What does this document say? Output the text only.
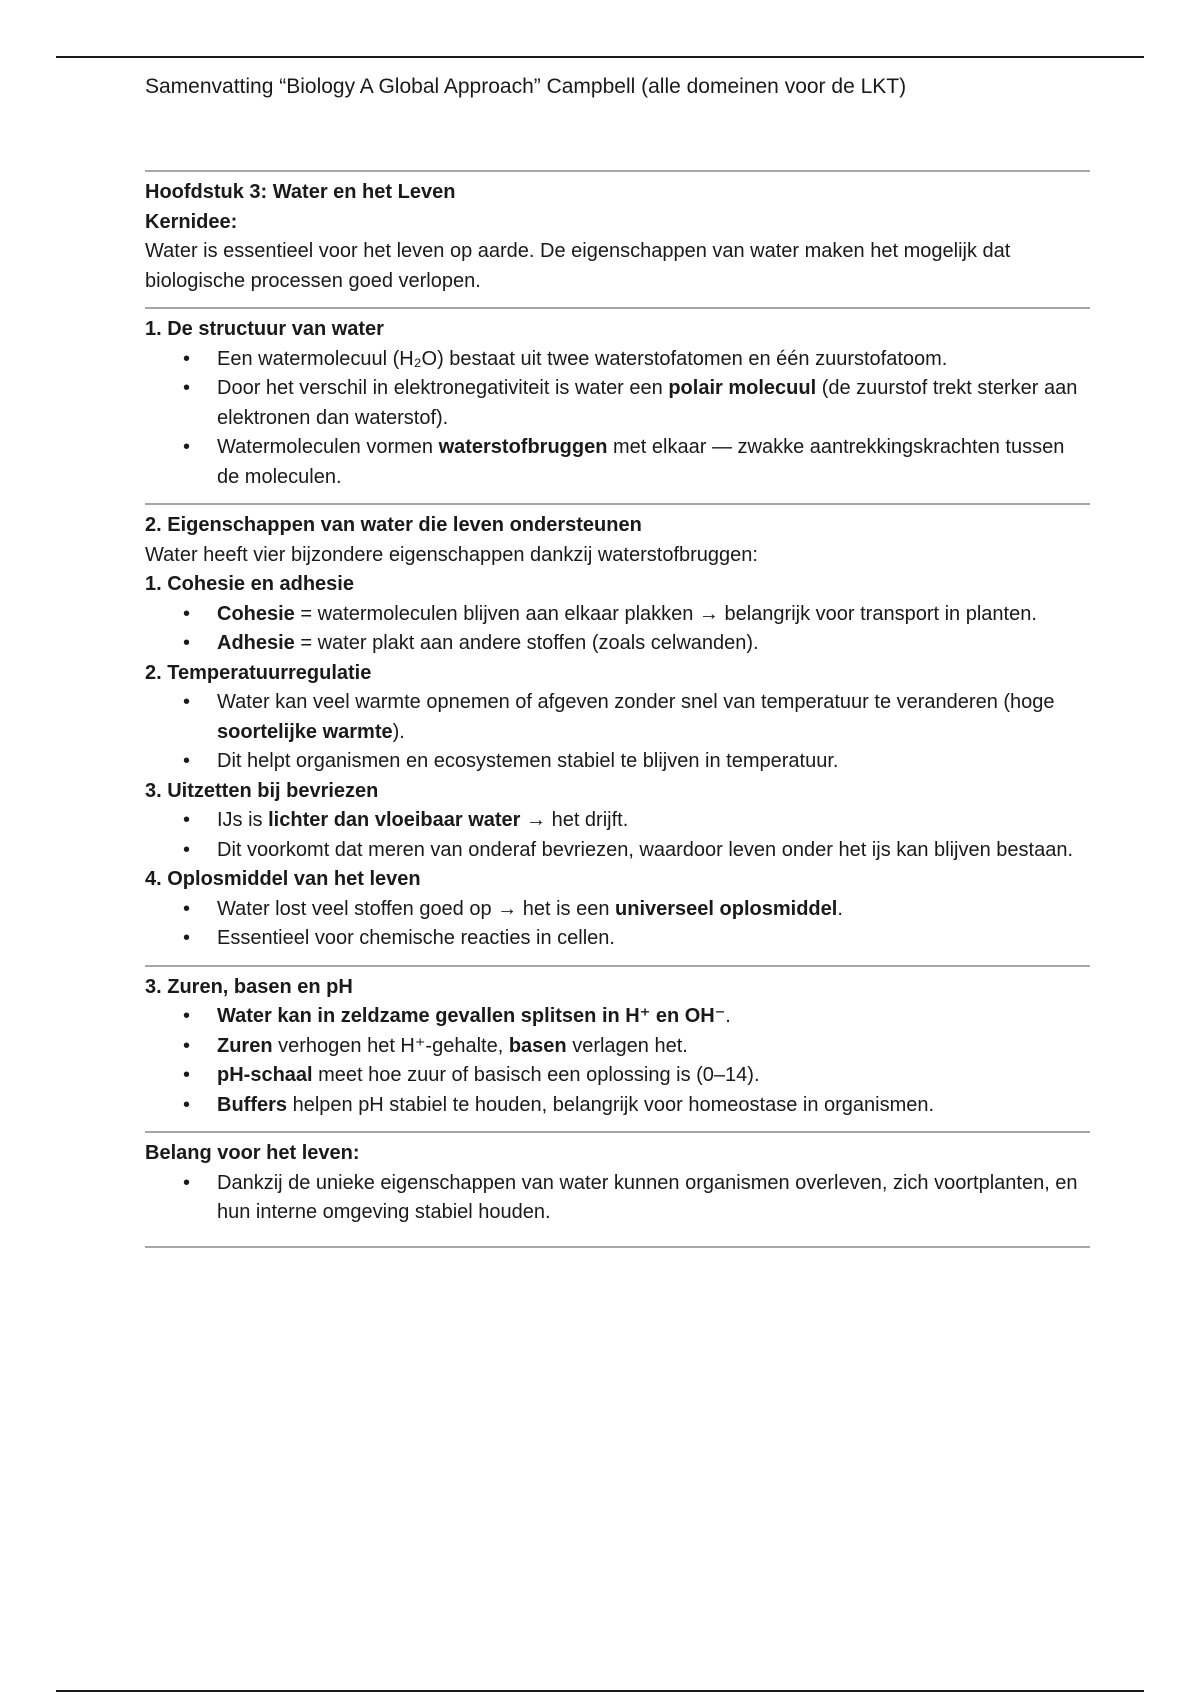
Samenvatting “Biology A Global Approach” Campbell (alle domeinen voor de LKT)
Hoofdstuk 3: Water en het Leven
Kernidee:

Water is essentieel voor het leven op aarde. De eigenschappen van water maken het mogelijk dat biologische processen goed verlopen.

1. De structuur van water
• Een watermolecuul (H₂O) bestaat uit twee waterstofatomen en één zuurstofatoom.
• Door het verschil in elektronegativiteit is water een polair molecuul (de zuurstof trekt sterker aan elektronen dan waterstof).
• Watermoleculen vormen waterstofbruggen met elkaar — zwakke aantrekkingskrachten tussen de moleculen.
2. Eigenschappen van water die leven ondersteunen

Water heeft vier bijzondere eigenschappen dankzij waterstofbruggen:

1. Cohesie en adhesie
• Cohesie = watermoleculen blijven aan elkaar plakken → belangrijk voor transport in planten.
• Adhesie = water plakt aan andere stoffen (zoals celwanden).
2. Temperatuurregulatie
• Water kan veel warmte opnemen of afgeven zonder snel van temperatuur te veranderen (hoge soortelijke warmte).
• Dit helpt organismen en ecosystemen stabiel te blijven in temperatuur.
3. Uitzetten bij bevriezen
• IJs is lichter dan vloeibaar water → het drijft.
• Dit voorkomt dat meren van onderaf bevriezen, waardoor leven onder het ijs kan blijven bestaan.
4. Oplosmiddel van het leven
• Water lost veel stoffen goed op → het is een universeel oplosmiddel.
• Essentieel voor chemische reacties in cellen.
3. Zuren, basen en pH
• Water kan in zeldzame gevallen splitsen in H⁺ en OH⁻.
• Zuren verhogen het H⁺-gehalte, basen verlagen het.
• pH-schaal meet hoe zuur of basisch een oplossing is (0–14).
• Buffers helpen pH stabiel te houden, belangrijk voor homeostase in organismen.
Belang voor het leven:
• Dankzij de unieke eigenschappen van water kunnen organismen overleven, zich voortplanten, en hun interne omgeving stabiel houden.
